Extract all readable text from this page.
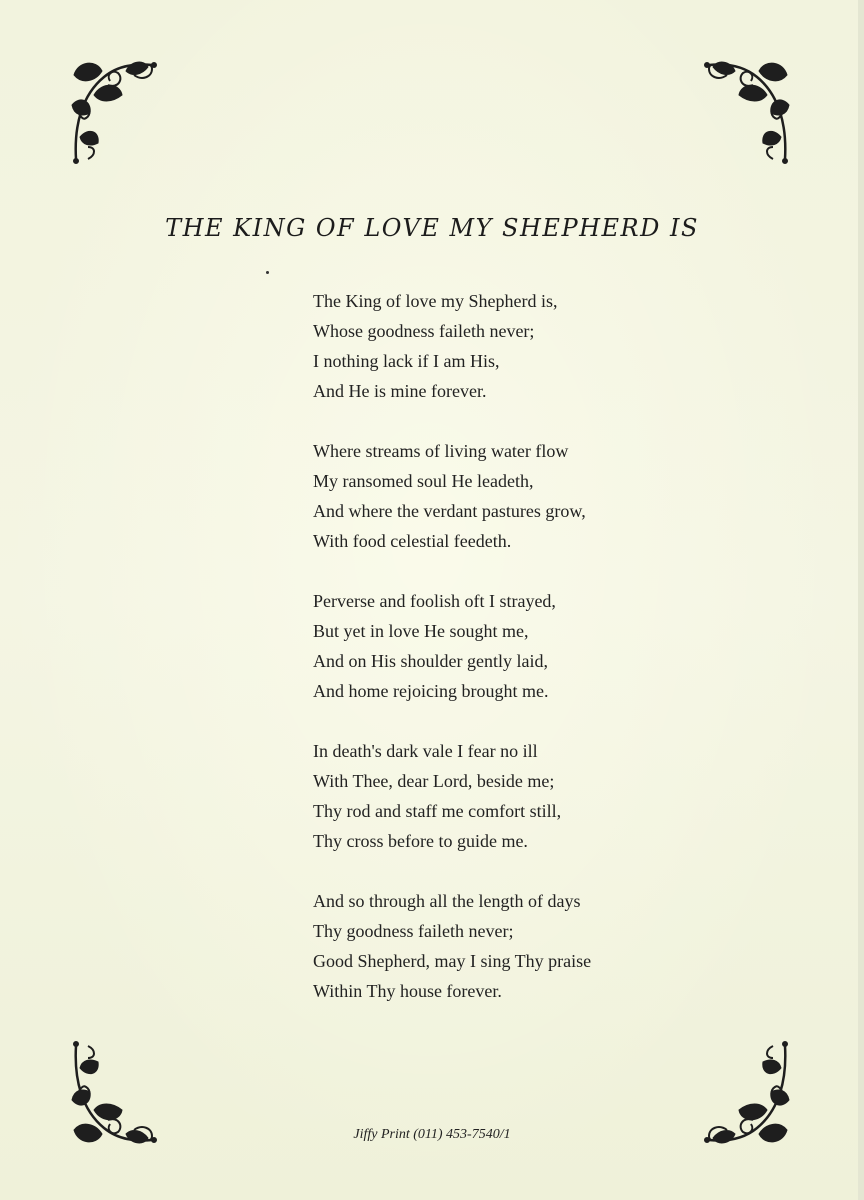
THE KING OF LOVE MY SHEPHERD IS
The King of love my Shepherd is,
Whose goodness faileth never;
I nothing lack if I am His,
And He is mine forever.
Where streams of living water flow
My ransomed soul He leadeth,
And where the verdant pastures grow,
With food celestial feedeth.
Perverse and foolish oft I strayed,
But yet in love He sought me,
And on His shoulder gently laid,
And home rejoicing brought me.
In death's dark vale I fear no ill
With Thee, dear Lord, beside me;
Thy rod and staff me comfort still,
Thy cross before to guide me.
And so through all the length of days
Thy goodness faileth never;
Good Shepherd, may I sing Thy praise
Within Thy house forever.
Jiffy Print (011) 453-7540/1
